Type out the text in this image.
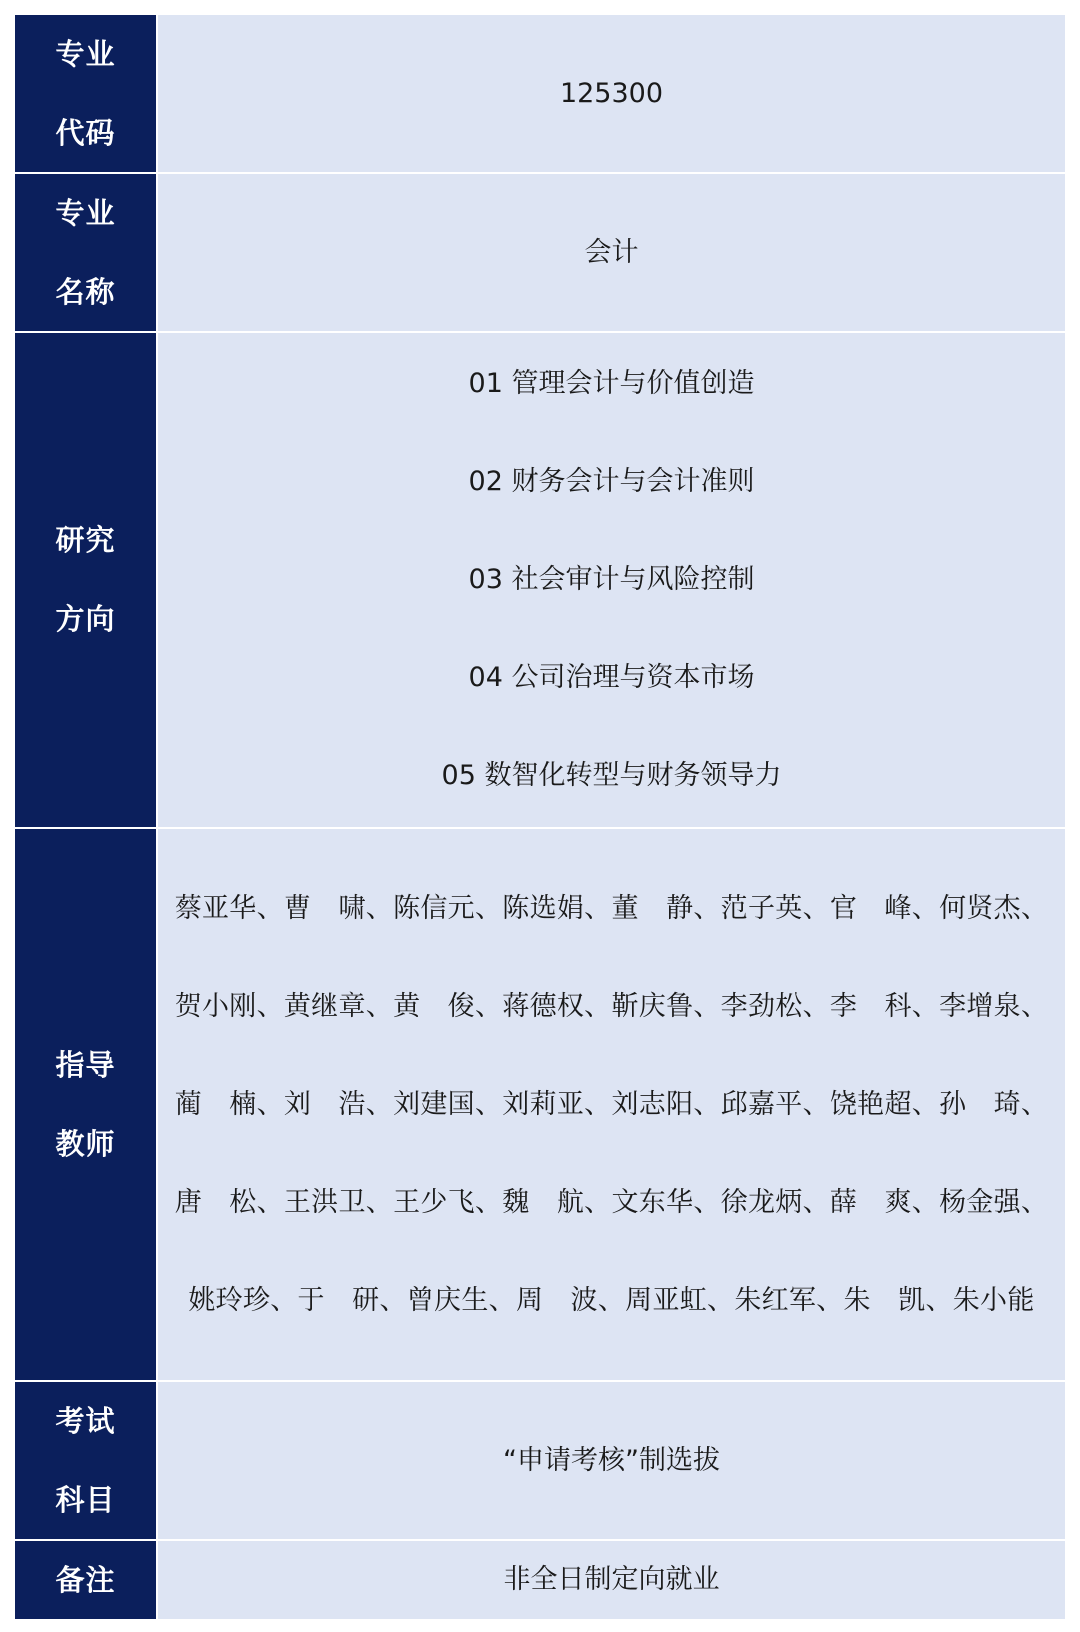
专业
代码
125300
专业
名称
会计
研究
方向
01 管理会计与价值创造
02 财务会计与会计准则
03 社会审计与风险控制
04 公司治理与资本市场
05 数智化转型与财务领导力
指导
教师
蔡亚华、曹　啸、陈信元、陈选娟、董　静、范子英、官　峰、何贤杰、
贺小刚、黄继章、黄　俊、蒋德权、靳庆鲁、李劲松、李　科、李增泉、
蔺　楠、刘　浩、刘建国、刘莉亚、刘志阳、邱嘉平、饶艳超、孙　琦、
唐　松、王洪卫、王少飞、魏　航、文东华、徐龙炳、薛　爽、杨金强、
姚玲珍、于　研、曾庆生、周　波、周亚虹、朱红军、朱　凯、朱小能
考试
科目
“申请考核”制选拔
备注	非全日制定向就业
